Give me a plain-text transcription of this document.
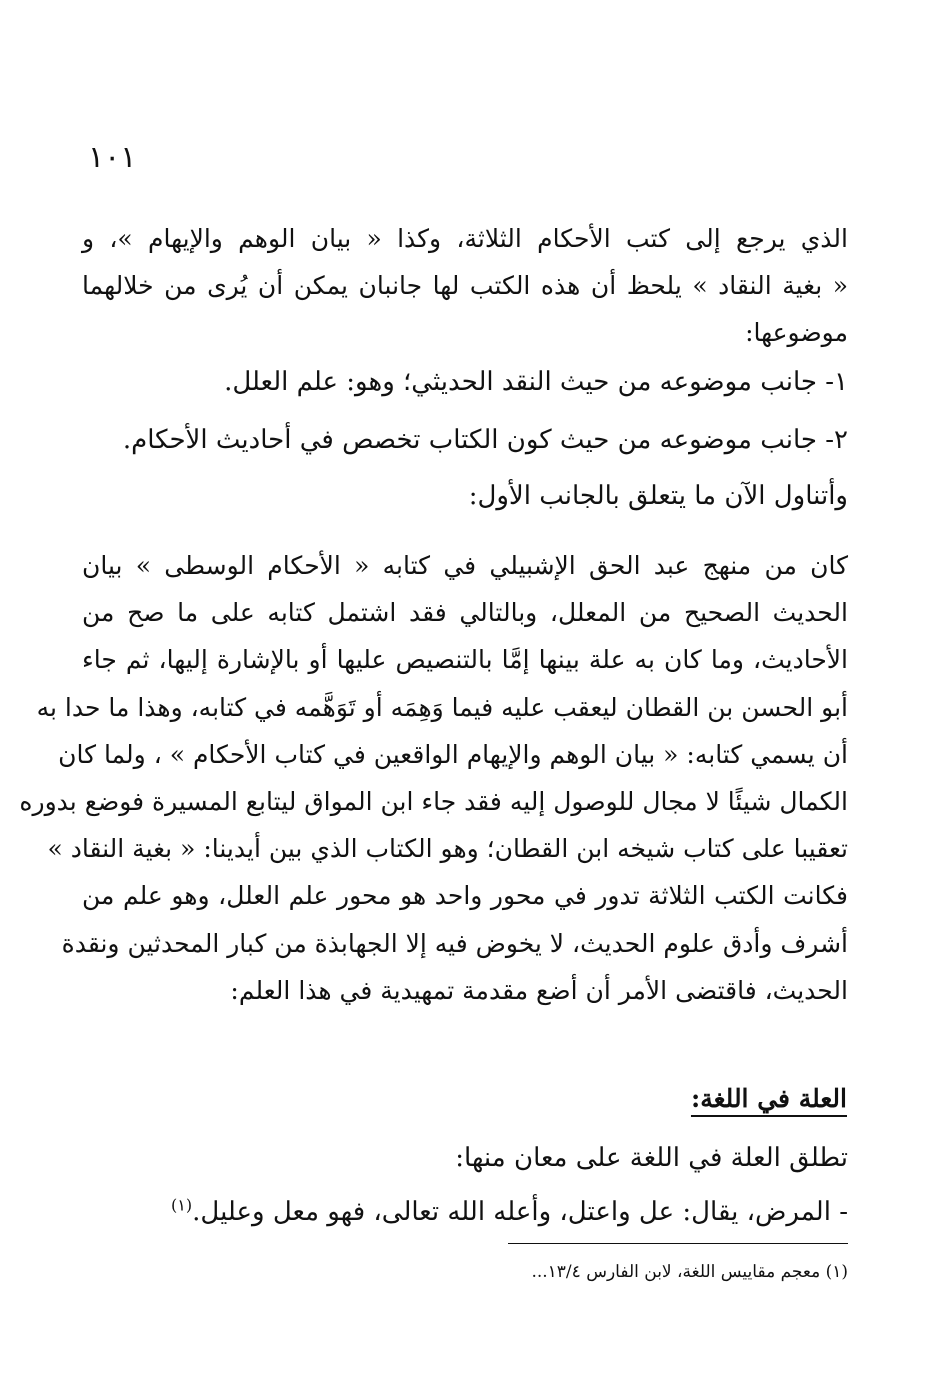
١٠١
الذي يرجع إلى كتب الأحكام الثلاثة، وكذا « بيان الوهم والإيهام »، و
« بغية النقاد » يلحظ أن هذه الكتب لها جانبان يمكن أن يُرى من خلالهما
موضوعها:
١- جانب موضوعه من حيث النقد الحديثي؛ وهو: علم العلل.
٢- جانب موضوعه من حيث كون الكتاب تخصص في أحاديث الأحكام.
وأتناول الآن ما يتعلق بالجانب الأول:
كان من منهج عبد الحق الإشبيلي في كتابه « الأحكام الوسطى » بيان
الحديث الصحيح من المعلل، وبالتالي فقد اشتمل كتابه على ما صح من
الأحاديث، وما كان به علة بينها إمَّا بالتنصيص عليها أو بالإشارة إليها، ثم جاء
أبو الحسن بن القطان ليعقب عليه فيما وَهِمَه أو تَوَهَّمه في كتابه، وهذا ما حدا به
أن يسمي كتابه: « بيان الوهم والإيهام الواقعين في كتاب الأحكام » ، ولما كان
الكمال شيئًا لا مجال للوصول إليه فقد جاء ابن المواق ليتابع المسيرة فوضع بدوره
تعقيبا على كتاب شيخه ابن القطان؛ وهو الكتاب الذي بين أيدينا: « بغية النقاد »
فكانت الكتب الثلاثة تدور في محور واحد هو محور علم العلل، وهو علم من
أشرف وأدق علوم الحديث، لا يخوض فيه إلا الجهابذة من كبار المحدثين ونقدة
الحديث، فاقتضى الأمر أن أضع مقدمة تمهيدية في هذا العلم:
العلة في اللغة:
تطلق العلة في اللغة على معان منها:
- المرض، يقال: عل واعتل، وأعله الله تعالى، فهو معل وعليل.$^{(١)}$
(١) معجم مقاييس اللغة، لابن الفارس ١٣/٤...
